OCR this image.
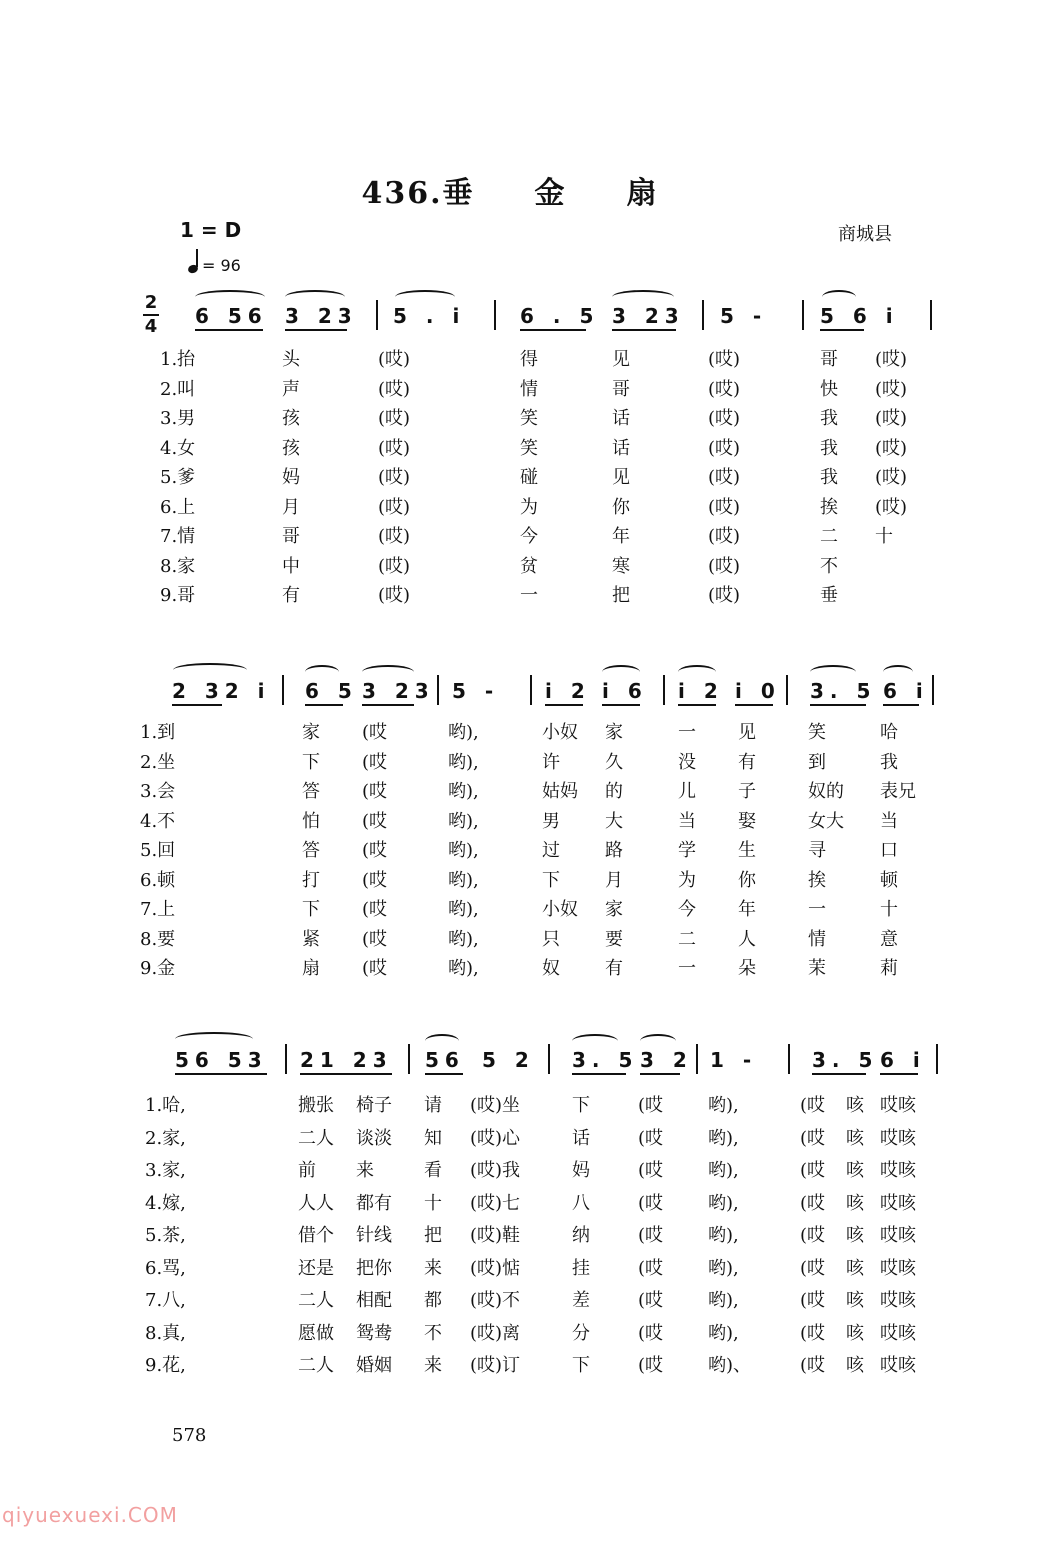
436.垂 金 扇
1 = D
= 96
商城县
2
4 6 56 3 23 5 . i	6 . 5 3 23 5 -	5 6 i
1.抬	头	(哎)	得	见	(哎)	哥 (哎)
2.叫	声	(哎)	情	哥	(哎)	快 (哎)
3.男	孩	(哎)	笑	话	(哎)	我 (哎)
4.女	孩	(哎)	笑	话	(哎)	我 (哎)
5.爹	妈	(哎)	碰	见	(哎)	我 (哎)
6.上	月	(哎)	为	你	(哎)	挨 (哎)
7.情	哥	(哎)	今	年	(哎)	二 十
8.家	中	(哎)	贫	寒	(哎)	不
9.哥	有	(哎)	一	把	(哎)	垂
2 32 i 6 5 3 23 5 - i 2 i 6 i 2 i 0 3. 5 6 i
1.到	家 (哎	哟),	小奴 家	一 见	笑	哈
2.坐	下 (哎	哟),	许	久	没 有	到	我
3.会	答 (哎	哟),	姑妈 的	儿 子	奴的 表兄
4.不	怕 (哎	哟),	男	大	当 娶	女大 当
5.回	答 (哎	哟),	过	路	学 生	寻	口
6.顿	打 (哎	哟),	下	月	为 你	挨	顿
7.上	下 (哎	哟),	小奴 家	今 年	一	十
8.要	紧 (哎	哟),	只	要	二 人	情	意
9.金	扇 (哎	哟),	奴	有	一 朵	茉	莉
56 53 21 23 56 5 2 3. 5 3 2 1 -	3. 5 6 i
1.哈,	搬张 椅子 请 (哎)坐	下	(哎 哟),	(哎 咳 哎咳
2.家,	二人 谈淡 知 (哎)心	话	(哎 哟),	(哎 咳 哎咳
3.家,	前 来	看 (哎)我	妈	(哎 哟),	(哎 咳 哎咳
4.嫁,	人人 都有 十 (哎)七	八	(哎 哟),	(哎 咳 哎咳
5.茶,	借个 针线 把 (哎)鞋	纳	(哎 哟),	(哎 咳 哎咳
6.骂,	还是 把你 来 (哎)惦	挂	(哎 哟),	(哎 咳 哎咳
7.八,	二人 相配 都 (哎)不	差	(哎 哟),	(哎 咳 哎咳
8.真,	愿做 鸳鸯 不 (哎)离	分	(哎 哟),	(哎 咳 哎咳
9.花,	二人 婚姻 来 (哎)订	下	(哎 哟)、	(哎 咳 哎咳
578
qiyuexuexi.COM
